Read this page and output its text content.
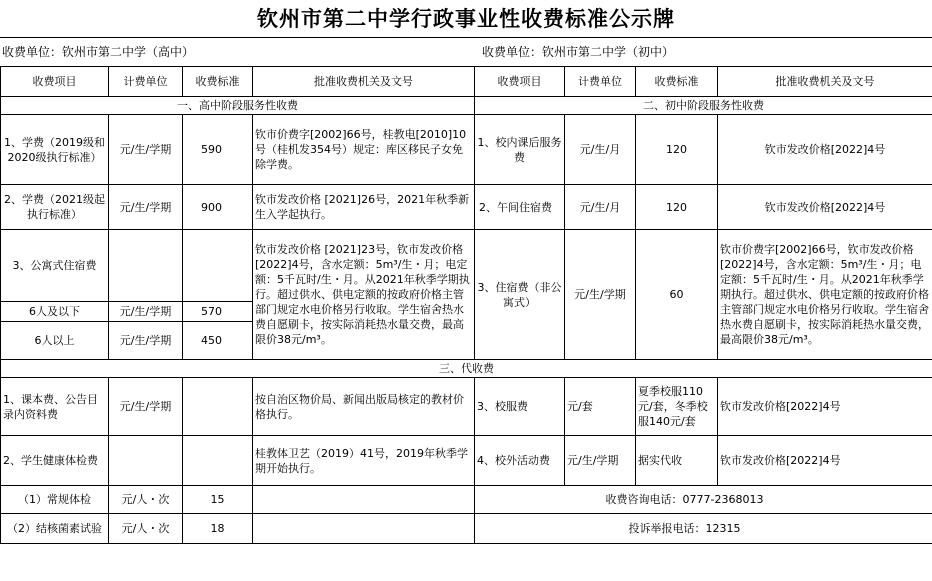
钦州市第二中学行政事业性收费标准公示牌
收费单位：钦州市第二中学（高中）	收费单位：钦州市第二中学（初中）
收费项目	计费单位	收费标准	批准收费机关及文号	收费项目	计费单位	收费标准	批准收费机关及文号
一、高中阶段服务性收费				二、初中阶段服务性收费			
1、学费（2019级和2020级执行标准）	元/生/学期	590	钦市价费字[2002]66号，桂教电[2010]10号（桂机发354号）规定：库区移民子女免除学费。	1、校内课后服务费	元/生/月	120	钦市发改价格[2022]4号
2、学费（2021级起执行标准）	元/生/学期	900	钦市发改价格 [2021]26号，2021年秋季新生入学起执行。	2、午间住宿费	元/生/月	120	钦市发改价格[2022]4号
3、公寓式住宿费			钦市发改价格 [2021]23号，钦市发改价格[2022]4号，含水定额：5m³/生・月；电定额：5千瓦时/生・月。从2021年秋季学期执行。超过供水、供电定额的按政府价格主管部门规定水电价格另行收取。学生宿舍热水费自愿刷卡，按实际消耗热水量交费，最高限价38元/m³。	3、住宿费（非公寓式）	元/生/学期	60	钦市价费字[2002]66号，钦市发改价格[2022]4号，含水定额：5m³/生・月；电定额：5千瓦时/生・月。从2021年秋季学期执行。超过供水、供电定额的按政府价格主管部门规定水电价格另行收取。学生宿舍热水费自愿刷卡，按实际消耗热水量交费，最高限价38元/m³。
6人及以下	元/生/学期	570					
6人以上	元/生/学期	450					
三、代收费							
1、课本费、公告目录内资料费	元/生/学期		按自治区物价局、新闻出版局核定的教材价格执行。	3、校服费	元/套	夏季校服110元/套，冬季校服140元/套	钦市发改价格[2022]4号
2、学生健康体检费			桂教体卫艺（2019）41号，2019年秋季学期开始执行。	4、校外活动费	元/生/学期	据实代收	钦市发改价格[2022]4号
（1）常规体检	元/人・次	15		收费咨询电话：0777-2368013			
（2）结核菌素试验	元/人・次	18		投诉举报电话：12315			
